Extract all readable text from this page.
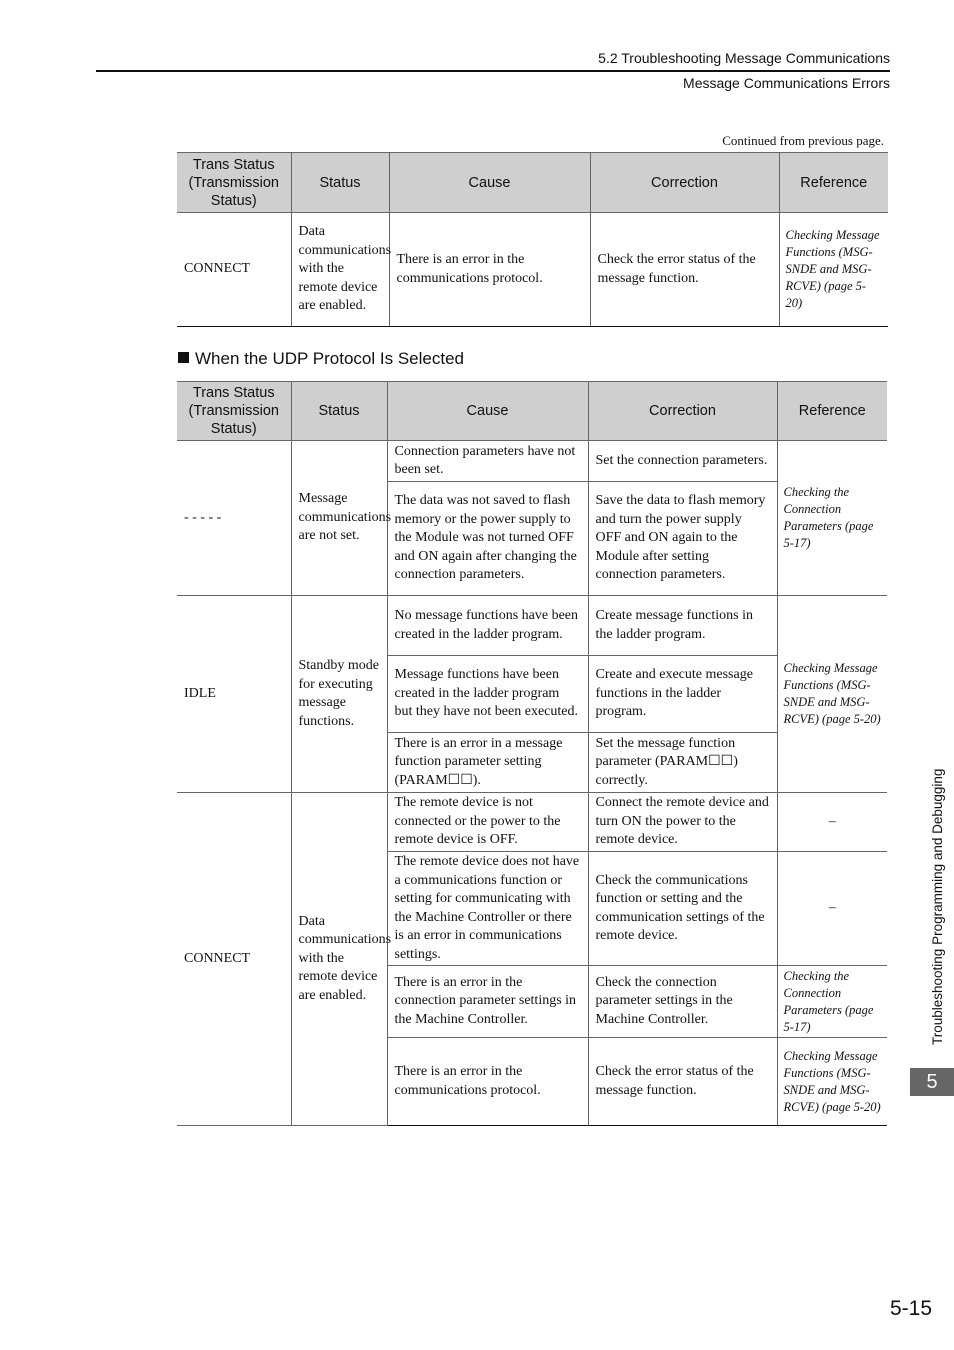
5.2 Troubleshooting Message Communications
Message Communications Errors
Continued from previous page.
Trans Status (Transmission Status)	Status	Cause	Correction	Reference
CONNECT	Data communications with the remote device are enabled.	There is an error in the communications protocol.	Check the error status of the message function.	Checking Message Functions (MSG-SNDE and MSG-RCVE) (page 5-20)
When the UDP Protocol Is Selected
Trans Status (Transmission Status)	Status	Cause	Correction	Reference
- - - - -	Message communications are not set.	Connection parameters have not been set.	Set the connection parameters.	Checking the Connection Parameters (page 5-17)
		The data was not saved to flash memory or the power supply to the Module was not turned OFF and ON again after changing the connection parameters.	Save the data to flash memory and turn the power supply OFF and ON again to the Module after setting connection parameters.	
IDLE	Standby mode for executing message functions.	No message functions have been created in the ladder program.	Create message functions in the ladder program.	Checking Message Functions (MSG-SNDE and MSG-RCVE) (page 5-20)
		Message functions have been created in the ladder program but they have not been executed.	Create and execute message functions in the ladder program.	
		There is an error in a message function parameter setting (PARAM☐☐).	Set the message function parameter (PARAM☐☐) correctly.	
CONNECT	Data communications with the remote device are enabled.	The remote device is not connected or the power to the remote device is OFF.	Connect the remote device and turn ON the power to the remote device.	–
		The remote device does not have a communications function or setting for communicating with the Machine Controller or there is an error in communications settings.	Check the communications function or setting and the communication settings of the remote device.	–
		There is an error in the connection parameter settings in the Machine Controller.	Check the connection parameter settings in the Machine Controller.	Checking the Connection Parameters (page 5-17)
		There is an error in the communications protocol.	Check the error status of the message function.	Checking Message Functions (MSG-SNDE and MSG-RCVE) (page 5-20)
Troubleshooting Programming and Debugging
5
5-15
